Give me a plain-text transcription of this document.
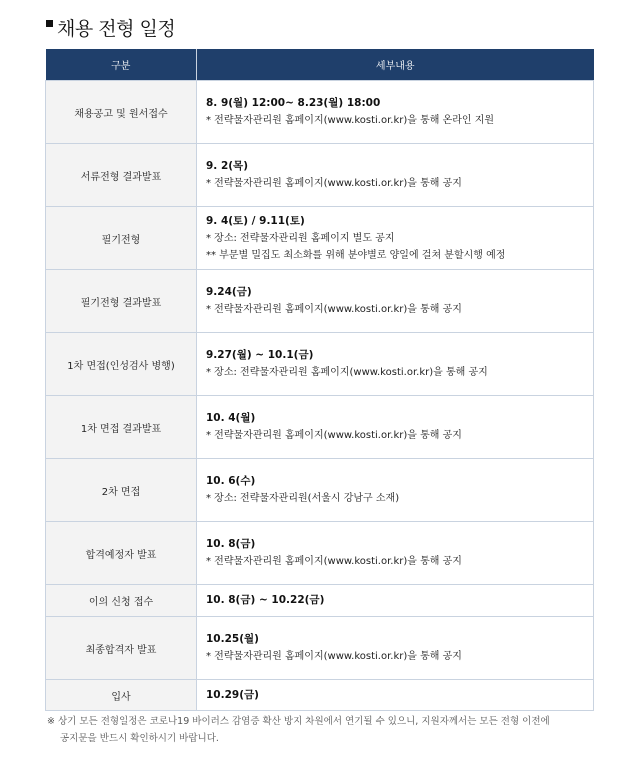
채용 전형 일정
구분	세부내용
채용공고 및 원서접수	8. 9(월) 12:00~ 8.23(월) 18:00
* 전략물자관리원 홈페이지(www.kosti.or.kr)을 통해 온라인 지원

서류전형 결과발표	9. 2(목)
* 전략물자관리원 홈페이지(www.kosti.or.kr)을 통해 공지

필기전형	9. 4(토) / 9.11(토)
* 장소: 전략물자관리원 홈페이지 별도 공지
** 부문별 밀집도 최소화를 위해 분야별로 양일에 걸쳐 분할시행 예정

필기전형 결과발표	9.24(금)
* 전략물자관리원 홈페이지(www.kosti.or.kr)을 통해 공지

1차 면접(인성검사 병행)	9.27(월) ~ 10.1(금)
* 장소: 전략물자관리원 홈페이지(www.kosti.or.kr)을 통해 공지

1차 면접 결과발표	10. 4(월)
* 전략물자관리원 홈페이지(www.kosti.or.kr)을 통해 공지

2차 면접	10. 6(수)
* 장소: 전략물자관리원(서울시 강남구 소재)

합격예정자 발표	10. 8(금)
* 전략물자관리원 홈페이지(www.kosti.or.kr)을 통해 공지

이의 신청 접수	10. 8(금) ~ 10.22(금)

최종합격자 발표	10.25(월)
* 전략물자관리원 홈페이지(www.kosti.or.kr)을 통해 공지

입사	10.29(금)
※ 상기 모든 전형일정은 코로나19 바이러스 감염증 확산 방지 차원에서 연기될 수 있으니, 지원자께서는 모든 전형 이전에
공지문을 반드시 확인하시기 바랍니다.
